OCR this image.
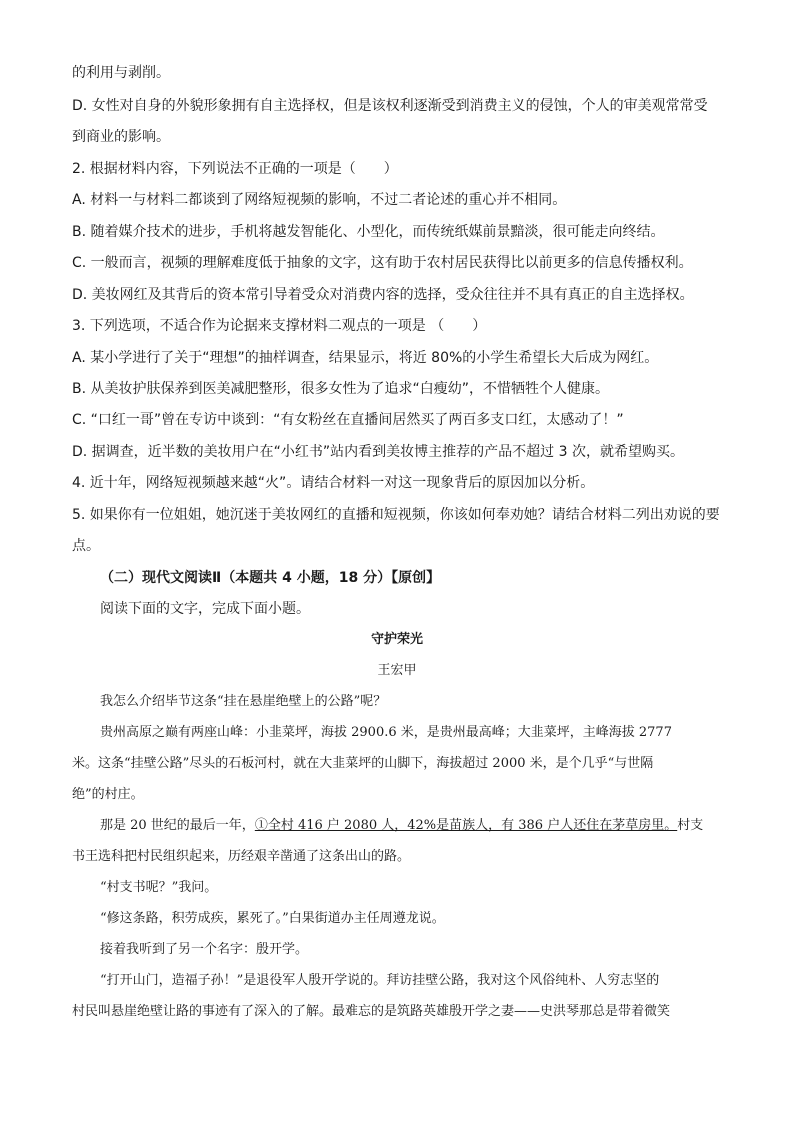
的利用与剥削。

D. 女性对自身的外貌形象拥有自主选择权，但是该权利逐渐受到消费主义的侵蚀，个人的审美观常常受

到商业的影响。

2. 根据材料内容，下列说法不正确的一项是（　　）

A. 材料一与材料二都谈到了网络短视频的影响，不过二者论述的重心并不相同。

B. 随着媒介技术的进步，手机将越发智能化、小型化，而传统纸媒前景黯淡，很可能走向终结。

C. 一般而言，视频的理解难度低于抽象的文字，这有助于农村居民获得比以前更多的信息传播权利。

D. 美妆网红及其背后的资本常引导着受众对消费内容的选择，受众往往并不具有真正的自主选择权。

3. 下列选项，不适合作为论据来支撑材料二观点的一项是 （　　）

A. 某小学进行了关于“理想”的抽样调查，结果显示，将近 80%的小学生希望长大后成为网红。

B. 从美妆护肤保养到医美减肥整形，很多女性为了追求“白瘦幼”，不惜牺牲个人健康。

C. “口红一哥”曾在专访中谈到：“有女粉丝在直播间居然买了两百多支口红，太感动了！”

D. 据调查，近半数的美妆用户在“小红书”站内看到美妆博主推荐的产品不超过 3 次，就希望购买。

4. 近十年，网络短视频越来越“火”。请结合材料一对这一现象背后的原因加以分析。

5. 如果你有一位姐姐，她沉迷于美妆网红的直播和短视频，你该如何奉劝她？请结合材料二列出劝说的要

点。

（二）现代文阅读Ⅱ（本题共 4 小题，18 分）【原创】

阅读下面的文字，完成下面小题。

守护荣光
王宏甲

我怎么介绍毕节这条“挂在悬崖绝壁上的公路”呢？

贵州高原之巅有两座山峰：小韭菜坪，海拔 2900.6 米，是贵州最高峰；大韭菜坪，主峰海拔 2777

米。这条“挂壁公路”尽头的石板河村，就在大韭菜坪的山脚下，海拔超过 2000 米，是个几乎“与世隔

绝”的村庄。

那是 20 世纪的最后一年，①全村 416 户 2080 人，42%是苗族人，有 386 户人还住在茅草房里。村支

书王选科把村民组织起来，历经艰辛凿通了这条出山的路。

“村支书呢？”我问。

“修这条路，积劳成疾，累死了。”白果街道办主任周遵龙说。

接着我听到了另一个名字：殷开学。

“打开山门，造福子孙！”是退役军人殷开学说的。拜访挂壁公路，我对这个风俗纯朴、人穷志坚的

村民叫悬崖绝壁让路的事迹有了深入的了解。最难忘的是筑路英雄殷开学之妻——史洪琴那总是带着微笑
